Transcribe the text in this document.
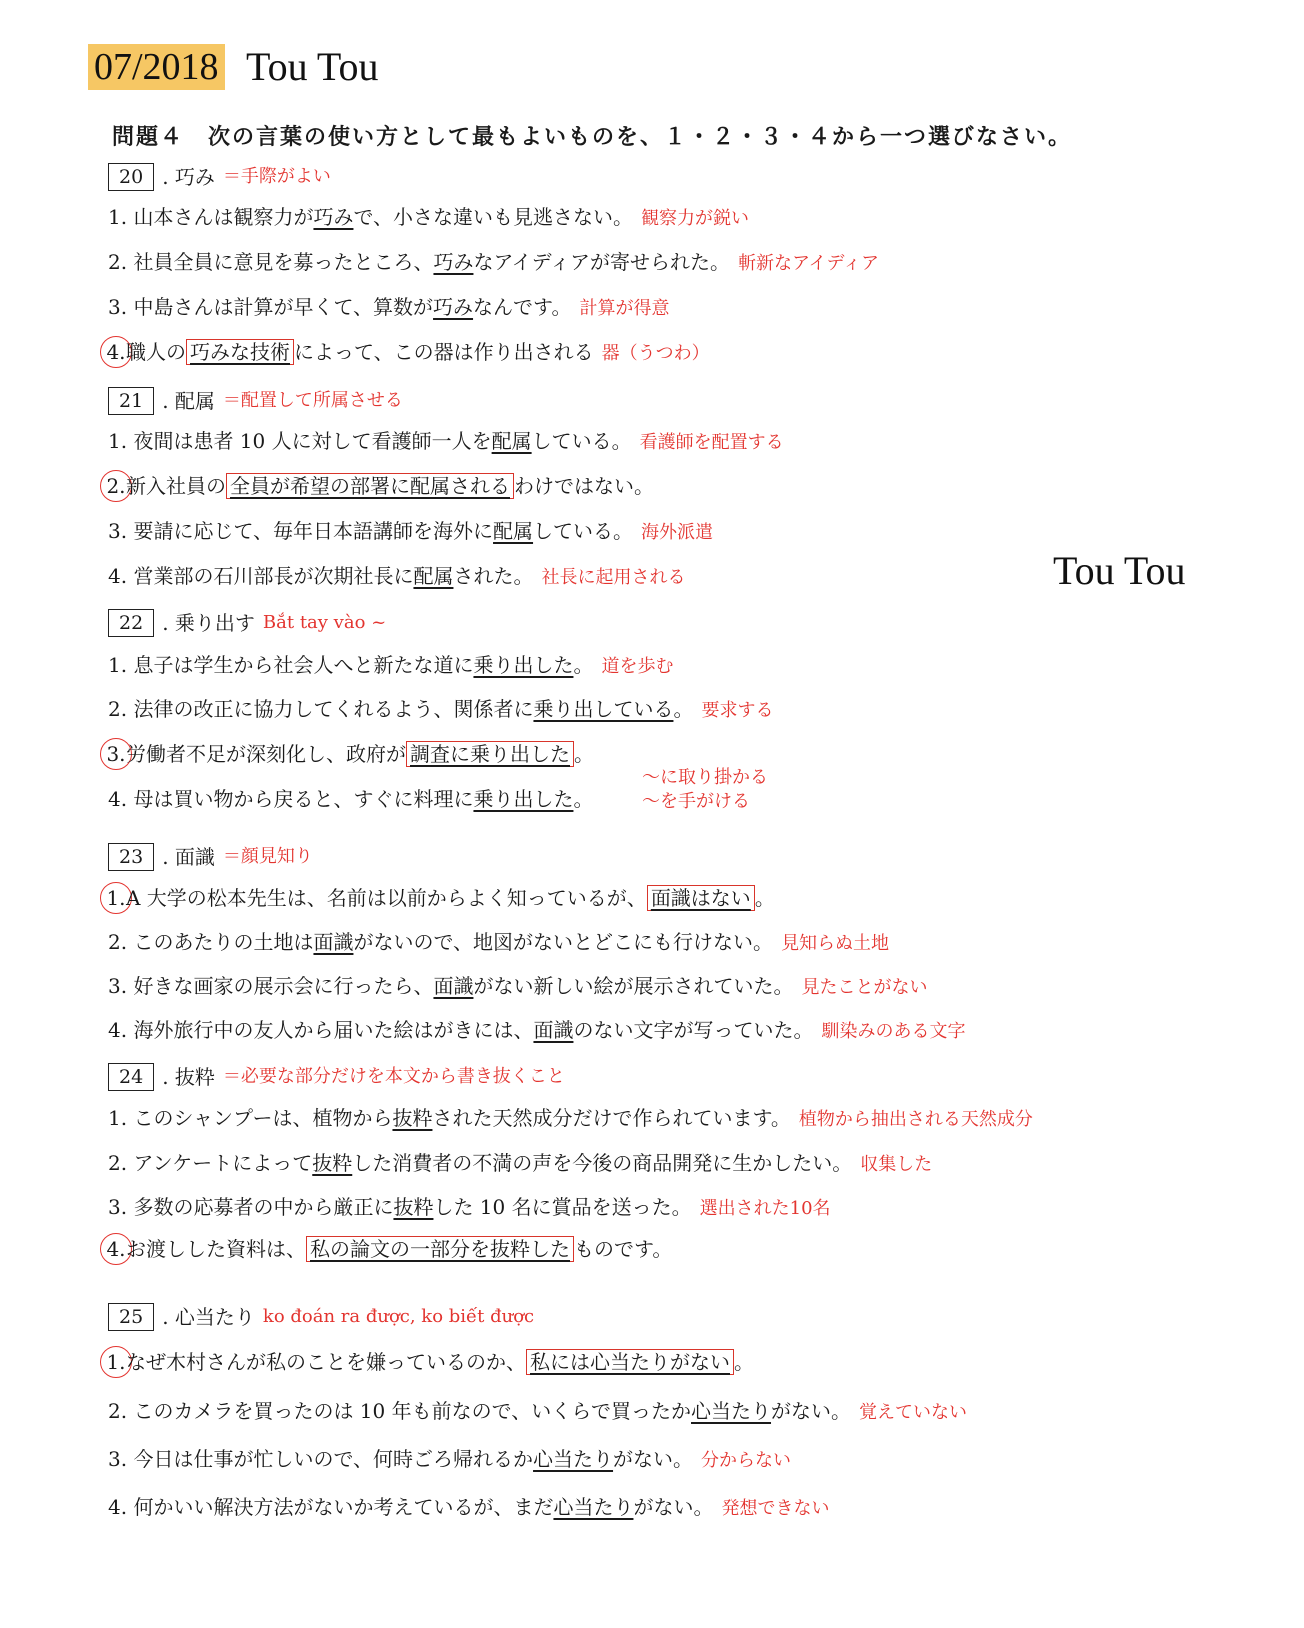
07/2018 Tou Tou
Tou Tou
問題４　次の言葉の使い方として最もよいものを、１・２・３・４から一つ選びなさい。
20 . 巧み ＝手際がよい
1. 山本さんは観察力が巧みで、小さな違いも見逃さない。 観察力が鋭い
2. 社員全員に意見を募ったところ、巧みなアイディアが寄せられた。 斬新なアイディア
3. 中島さんは計算が早くて、算数が巧みなんです。 計算が得意
4.職人の 巧みな技術 によって、この器は作り出される 器（うつわ）
21 . 配属 ＝配置して所属させる
1. 夜間は患者 10 人に対して看護師一人を配属している。 看護師を配置する
2.新入社員の 全員が希望の部署に配属される わけではない。
3. 要請に応じて、毎年日本語講師を海外に配属している。 海外派遣
4. 営業部の石川部長が次期社長に配属された。 社長に起用される
22 . 乗り出す Bắt tay vào ~
1. 息子は学生から社会人へと新たな道に乗り出した。 道を歩む
2. 法律の改正に協力してくれるよう、関係者に乗り出している。 要求する
3.労働者不足が深刻化し、政府が 調査に乗り出した 。
4. 母は買い物から戻ると、すぐに料理に乗り出した。
～に取り掛かる
～を手がける
23 . 面識 ＝顔見知り
1.A 大学の松本先生は、名前は以前からよく知っているが、 面識はない 。
2. このあたりの土地は面識がないので、地図がないとどこにも行けない。 見知らぬ土地
3. 好きな画家の展示会に行ったら、面識がない新しい絵が展示されていた。 見たことがない
4. 海外旅行中の友人から届いた絵はがきには、面識のない文字が写っていた。 馴染みのある文字
24 . 抜粋 ＝必要な部分だけを本文から書き抜くこと
1. このシャンプーは、植物から抜粋された天然成分だけで作られています。 植物から抽出される天然成分
2. アンケートによって抜粋した消費者の不満の声を今後の商品開発に生かしたい。 収集した
3. 多数の応募者の中から厳正に抜粋した 10 名に賞品を送った。 選出された10名
4.お渡しした資料は、 私の論文の一部分を抜粋した ものです。
25 . 心当たり ko đoán ra được, ko biết được
1.なぜ木村さんが私のことを嫌っているのか、 私には心当たりがない 。
2. このカメラを買ったのは 10 年も前なので、いくらで買ったか心当たりがない。 覚えていない
3. 今日は仕事が忙しいので、何時ごろ帰れるか心当たりがない。 分からない
4. 何かいい解決方法がないか考えているが、まだ心当たりがない。 発想できない
